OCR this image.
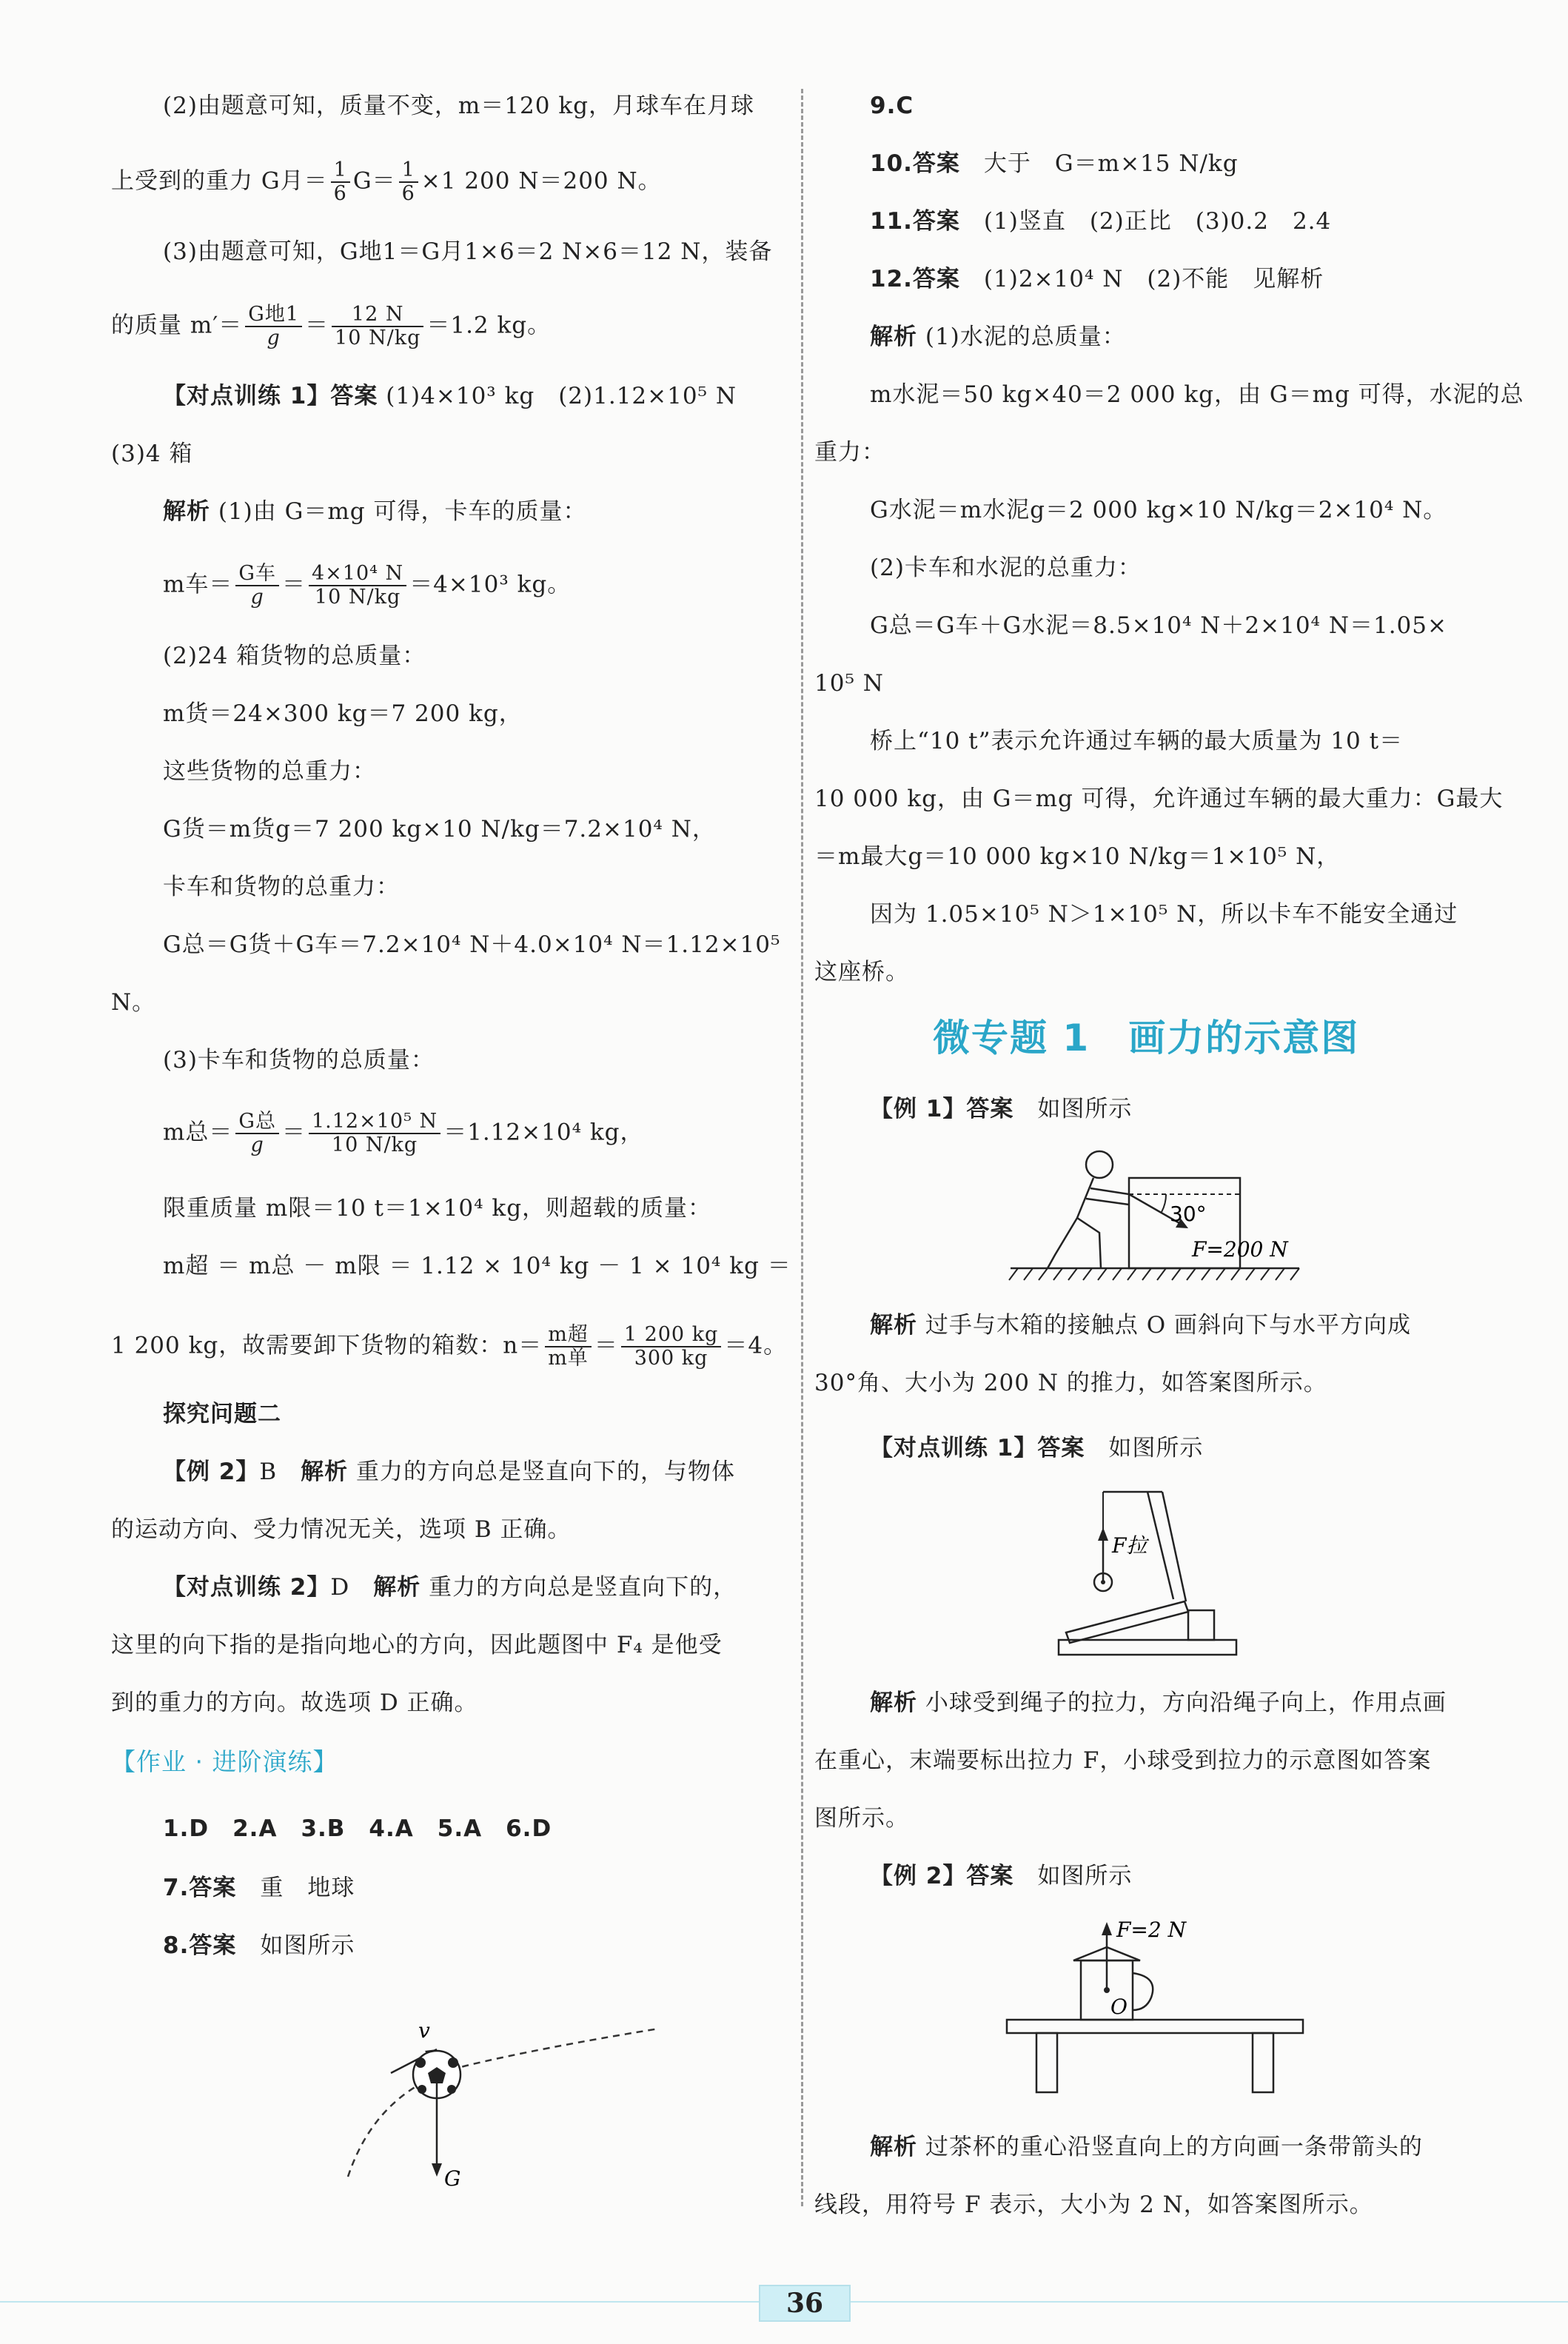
(2)由题意可知，质量不变，m＝120 kg，月球车在月球
上受到的重力 G月＝ $\frac{1}{6} G= \frac{1}{6} \times 1$ 200 N＝200 N。
(3)由题意可知，G地1＝G月1×6＝2 N×6＝12 N，装备
的质量 $m'= \frac{\text{G地1}}{g} = \frac{12 N}{10 N/kg} =1.2$ kg。
【对点训练 1】答案 (1)4×10³ kg　(2)1.12×10⁵ N
(3)4 箱
解析 (1)由 G＝mg 可得，卡车的质量：
m车＝ $\frac{\text{G车}}{g} = \frac{\text{4×10⁴ N}}{10 N/kg} =4\times 10^3$ kg。
(2)24 箱货物的总质量：
m货＝24×300 kg＝7 200 kg，
这些货物的总重力：
G货＝m货g＝7 200 kg×10 N/kg＝7.2×10⁴ N，
卡车和货物的总重力：
G总＝G货＋G车＝7.2×10⁴ N＋4.0×10⁴ N＝1.12×10⁵
N。
(3)卡车和货物的总质量：
m总＝ $\frac{\text{G总}}{g} = \frac{\text{1.12×10⁵ N}}{10 N/kg} =1.12\times 10^4$ kg，
限重质量 m限＝10 t＝1×10⁴ kg，则超载的质量：
m超 ＝ m总 － m限 ＝ 1.12 × 10⁴ kg － 1 × 10⁴ kg ＝
1 200 kg，故需要卸下货物的箱数：$n= \frac{\text{m超}}{\text{m单}} = \frac{1 200 kg}{300 kg} =4$。
探究问题二
【例 2】B　 解析 重力的方向总是竖直向下的，与物体
的运动方向、受力情况无关，选项 B 正确。
【对点训练 2】D　 解析 重力的方向总是竖直向下的，
这里的向下指的是指向地心的方向，因此题图中 F₄ 是他受
到的重力的方向。故选项 D 正确。
【作业 · 进阶演练】
1.D　 2.A　 3.B　 4.A　 5.A　 6.D
7.答案　 重　地球
8.答案　 如图所示
v
G
9.C
10.答案　 大于　G＝m×15 N/kg
11.答案　 (1)竖直　(2)正比　(3)0.2　2.4
12.答案　 (1)2×10⁴ N　(2)不能　见解析
解析 (1)水泥的总质量：
m水泥＝50 kg×40＝2 000 kg，由 G＝mg 可得，水泥的总
重力：
G水泥＝m水泥g＝2 000 kg×10 N/kg＝2×10⁴ N。
(2)卡车和水泥的总重力：
G总＝G车＋G水泥＝8.5×10⁴ N＋2×10⁴ N＝1.05×
10⁵ N
桥上“10 t”表示允许通过车辆的最大质量为 10 t＝
10 000 kg，由 G＝mg 可得，允许通过车辆的最大重力：G最大
＝m最大g＝10 000 kg×10 N/kg＝1×10⁵ N，
因为 1.05×10⁵ N＞1×10⁵ N，所以卡车不能安全通过
这座桥。
微专题 1　画力的示意图
【例 1】答案　 如图所示
30°
F=200 N
解析 过手与木箱的接触点 O 画斜向下与水平方向成
30°角、大小为 200 N 的推力，如答案图所示。
【对点训练 1】答案　 如图所示
F拉
解析 小球受到绳子的拉力，方向沿绳子向上，作用点画
在重心，末端要标出拉力 F，小球受到拉力的示意图如答案
图所示。
【例 2】答案　 如图所示
F=2 N
O
解析 过茶杯的重心沿竖直向上的方向画一条带箭头的
线段，用符号 F 表示，大小为 2 N，如答案图所示。
36
